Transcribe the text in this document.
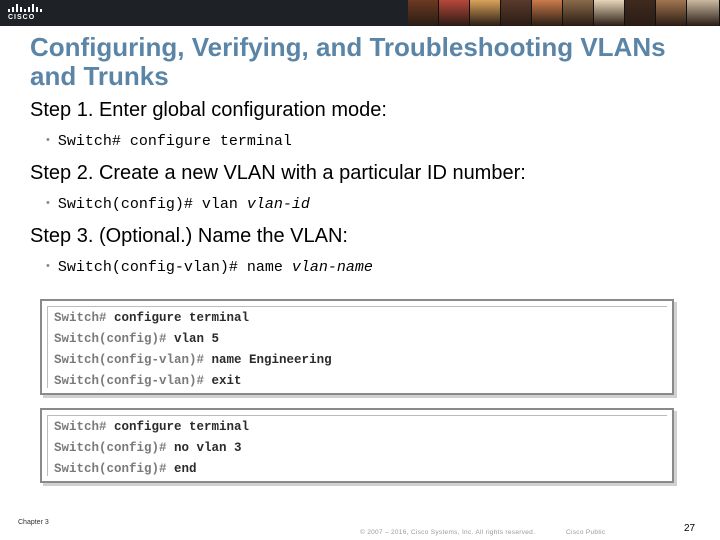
CISCO
Configuring, Verifying, and Troubleshooting VLANs and Trunks
Step 1. Enter global configuration mode:
• Switch# configure terminal
Step 2. Create a new VLAN with a particular ID number:
• Switch(config)# vlan vlan-id
Step 3. (Optional.) Name the VLAN:
• Switch(config-vlan)# name vlan-name
Switch# configure terminal
Switch(config)# vlan 5
Switch(config-vlan)# name Engineering
Switch(config-vlan)# exit
Switch# configure terminal
Switch(config)# no vlan 3
Switch(config)# end
Chapter 3
© 2007 – 2016, Cisco Systems, Inc. All rights reserved.	Cisco Public	27
